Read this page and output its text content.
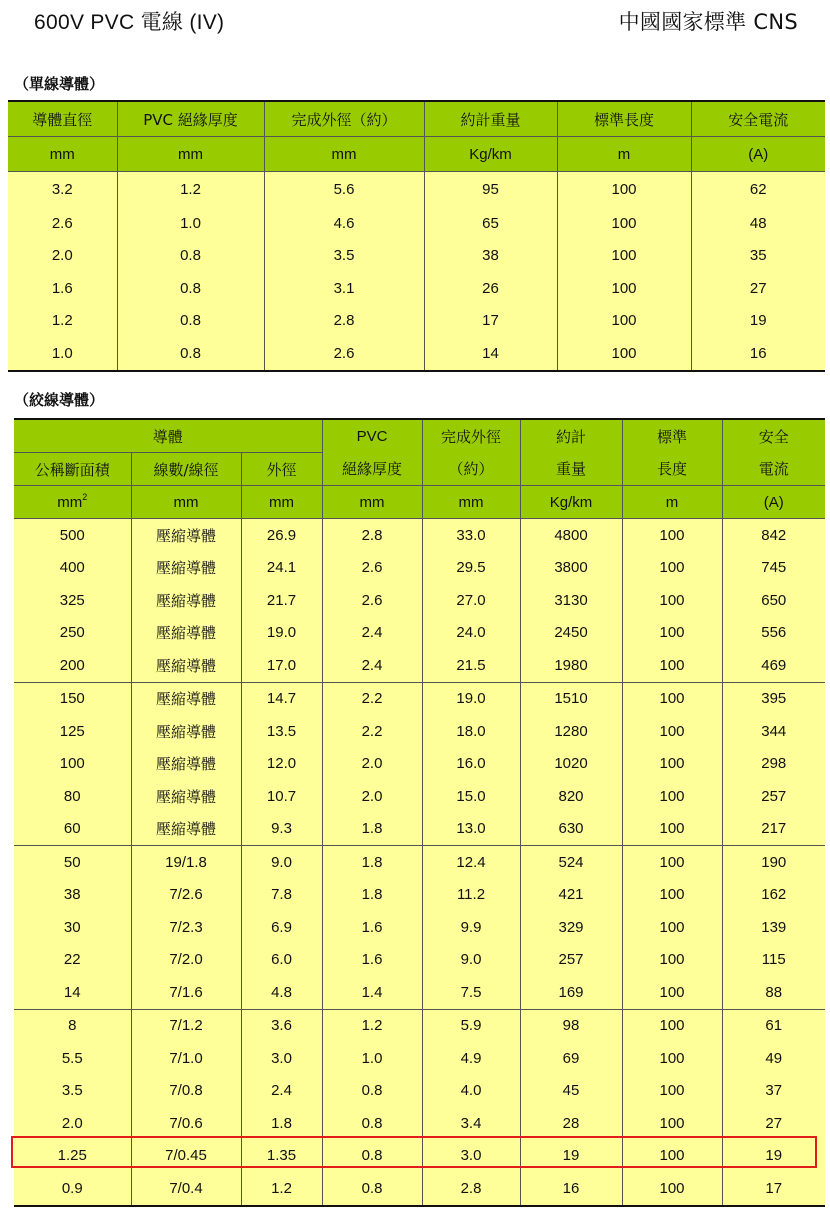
600V PVC 電線 (IV)	中國國家標準 CNS
（單線導體）
導體直徑	PVC 絕緣厚度	完成外徑（約）	約計重量	標準長度	安全電流
mm	mm	mm	Kg/km	m	(A)
3.2	1.2	5.6	95	100	62
2.6	1.0	4.6	65	100	48
2.0	0.8	3.5	38	100	35
1.6	0.8	3.1	26	100	27
1.2	0.8	2.8	17	100	19
1.0	0.8	2.6	14	100	16
（絞線導體）
導體			PVC	完成外徑	約計	標準	安全
公稱斷面積	線數/線徑	外徑	絕緣厚度	（約）	重量	長度	電流
$mm^2$	mm	mm	mm	mm	Kg/km	m	(A)
500	壓縮導體	26.9	2.8	33.0	4800	100	842
400	壓縮導體	24.1	2.6	29.5	3800	100	745
325	壓縮導體	21.7	2.6	27.0	3130	100	650
250	壓縮導體	19.0	2.4	24.0	2450	100	556
200	壓縮導體	17.0	2.4	21.5	1980	100	469
150	壓縮導體	14.7	2.2	19.0	1510	100	395
125	壓縮導體	13.5	2.2	18.0	1280	100	344
100	壓縮導體	12.0	2.0	16.0	1020	100	298
80	壓縮導體	10.7	2.0	15.0	820	100	257
60	壓縮導體	9.3	1.8	13.0	630	100	217
50	19/1.8	9.0	1.8	12.4	524	100	190
38	7/2.6	7.8	1.8	11.2	421	100	162
30	7/2.3	6.9	1.6	9.9	329	100	139
22	7/2.0	6.0	1.6	9.0	257	100	115
14	7/1.6	4.8	1.4	7.5	169	100	88
8	7/1.2	3.6	1.2	5.9	98	100	61
5.5	7/1.0	3.0	1.0	4.9	69	100	49
3.5	7/0.8	2.4	0.8	4.0	45	100	37
2.0	7/0.6	1.8	0.8	3.4	28	100	27
1.25	7/0.45	1.35	0.8	3.0	19	100	19
0.9	7/0.4	1.2	0.8	2.8	16	100	17
